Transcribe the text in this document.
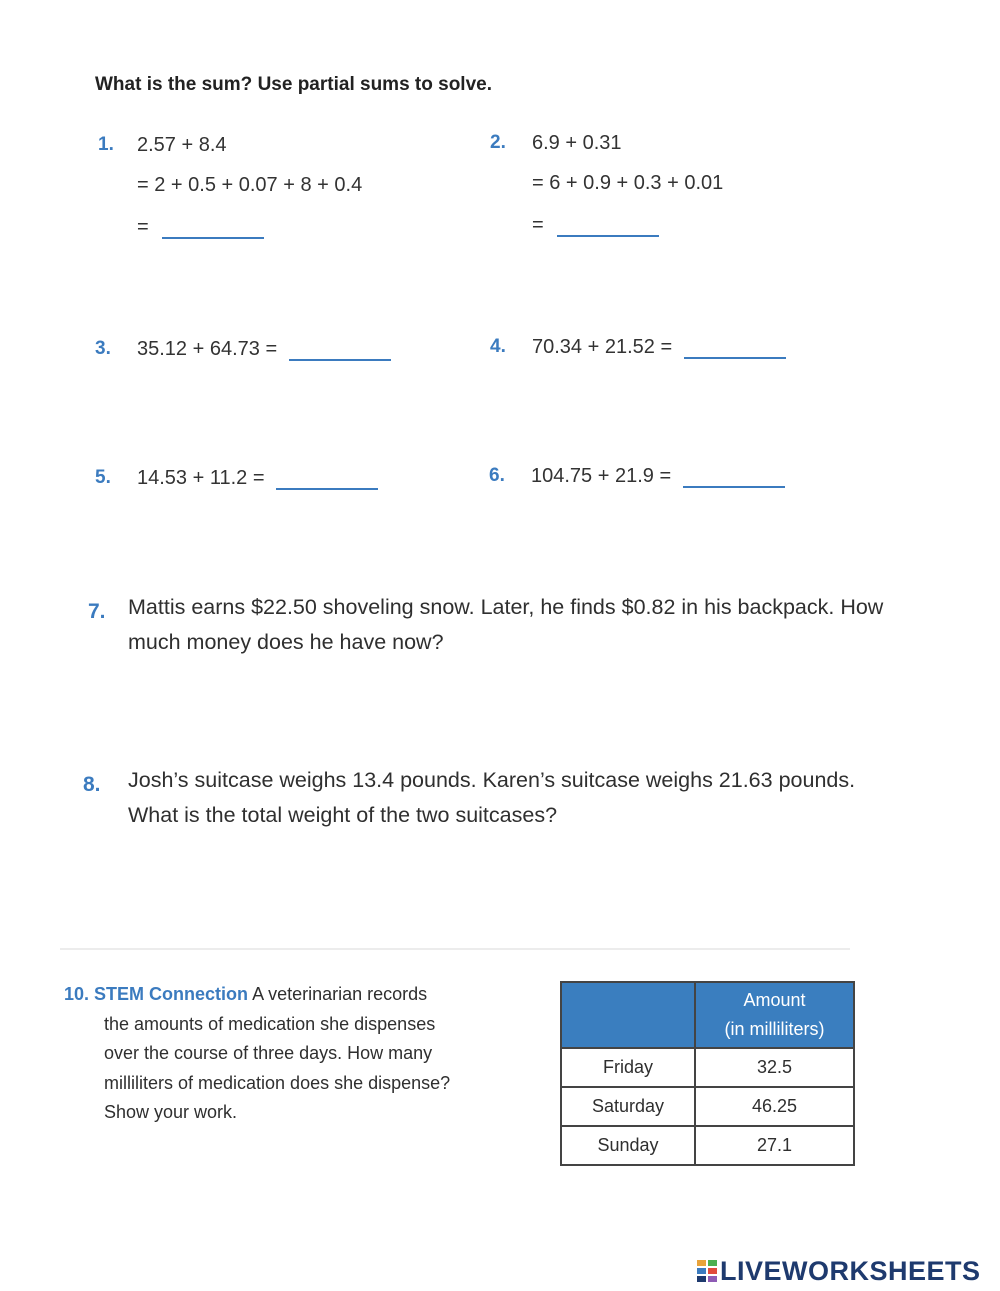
What is the sum? Use partial sums to solve.
1. 2.57 + 8.4
= 2 + 0.5 + 0.07 + 8 + 0.4
=
2. 6.9 + 0.31
= 6 + 0.9 + 0.3 + 0.01
=
3. 35.12 + 64.73 =	4. 70.34 + 21.52 =
5. 14.53 + 11.2 =	6. 104.75 + 21.9 =
7. Mattis earns $22.50 shoveling snow. Later, he finds $0.82 in his backpack. How much money does he have now?
8. Josh’s suitcase weighs 13.4 pounds. Karen’s suitcase weighs 21.63 pounds. What is the total weight of the two suitcases?
10. STEM Connection A veterinarian records
the amounts of medication she dispenses
over the course of three days. How many
milliliters of medication does she dispense?
Show your work.
	Amount
(in milliliters)
Friday	32.5
Saturday	46.25
Sunday	27.1
LIVEWORKSHEETS
